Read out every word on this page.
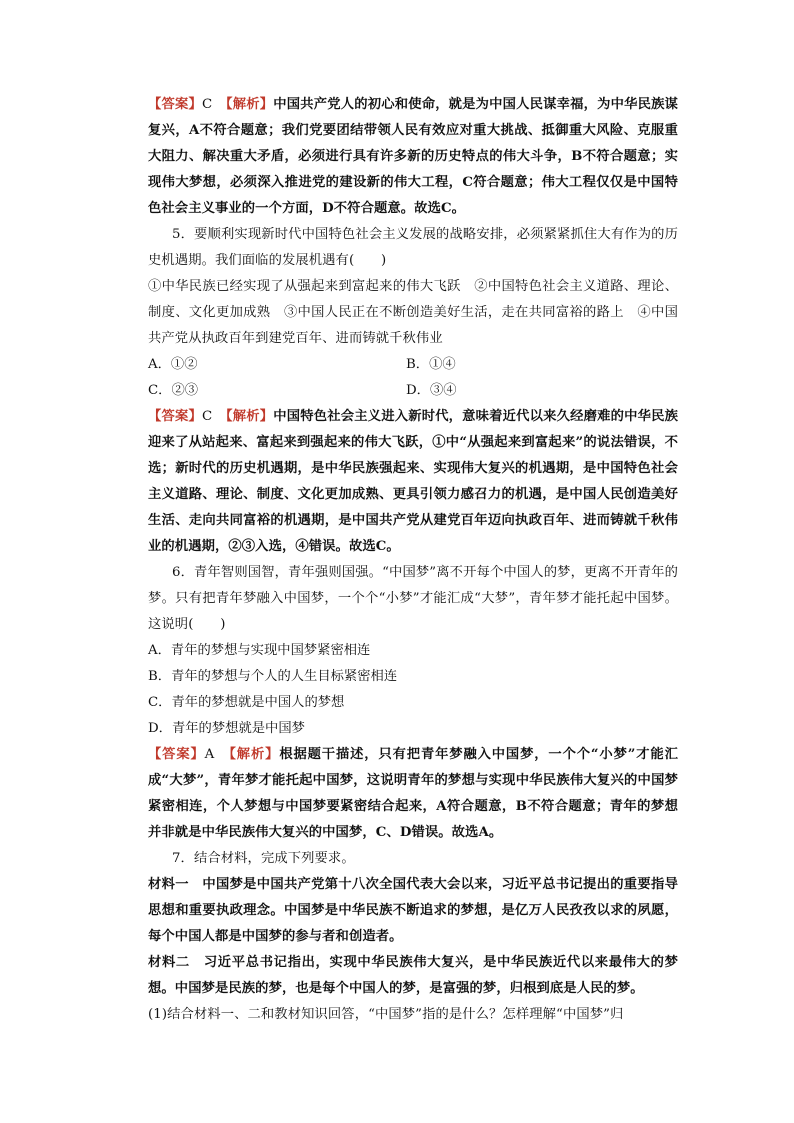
【答案】C　 【解析】中国共产党人的初心和使命，就是为中国人民谋幸福，为中华民族谋复兴，A不符合题意；我们党要团结带领人民有效应对重大挑战、抵御重大风险、克服重大阻力、解决重大矛盾，必须进行具有许多新的历史特点的伟大斗争，B不符合题意；实现伟大梦想，必须深入推进党的建设新的伟大工程，C符合题意；伟大工程仅仅是中国特色社会主义事业的一个方面，D不符合题意。故选C。

5．要顺利实现新时代中国特色社会主义发展的战略安排，必须紧紧抓住大有作为的历史机遇期。我们面临的发展机遇有(　　)

①中华民族已经实现了从强起来到富起来的伟大飞跃　②中国特色社会主义道路、理论、制度、文化更加成熟　③中国人民正在不断创造美好生活，走在共同富裕的路上　④中国共产党从执政百年到建党百年、进而铸就千秋伟业

A．①②	B．①④
C．②③	D．③④

【答案】C　 【解析】中国特色社会主义进入新时代，意味着近代以来久经磨难的中华民族迎来了从站起来、富起来到强起来的伟大飞跃，①中“从强起来到富起来”的说法错误，不选；新时代的历史机遇期，是中华民族强起来、实现伟大复兴的机遇期，是中国特色社会主义道路、理论、制度、文化更加成熟、更具引领力感召力的机遇，是中国人民创造美好生活、走向共同富裕的机遇期，是中国共产党从建党百年迈向执政百年、进而铸就千秋伟业的机遇期，②③入选，④错误。故选C。

6．青年智则国智，青年强则国强。“中国梦”离不开每个中国人的梦，更离不开青年的梦。只有把青年梦融入中国梦，一个个“小梦”才能汇成“大梦”，青年梦才能托起中国梦。这说明(　　)

A．青年的梦想与实现中国梦紧密相连

B．青年的梦想与个人的人生目标紧密相连

C．青年的梦想就是中国人的梦想

D．青年的梦想就是中国梦

【答案】A　 【解析】根据题干描述，只有把青年梦融入中国梦，一个个“小梦”才能汇成“大梦”，青年梦才能托起中国梦，这说明青年的梦想与实现中华民族伟大复兴的中国梦紧密相连，个人梦想与中国梦要紧密结合起来，A符合题意，B不符合题意；青年的梦想并非就是中华民族伟大复兴的中国梦，C、D错误。故选A。

7．结合材料，完成下列要求。

材料一　中国梦是中国共产党第十八次全国代表大会以来，习近平总书记提出的重要指导思想和重要执政理念。中国梦是中华民族不断追求的梦想，是亿万人民孜孜以求的夙愿，每个中国人都是中国梦的参与者和创造者。

材料二　习近平总书记指出，实现中华民族伟大复兴，是中华民族近代以来最伟大的梦想。中国梦是民族的梦，也是每个中国人的梦，是富强的梦，归根到底是人民的梦。

(1)结合材料一、二和教材知识回答，“中国梦”指的是什么？怎样理解“中国梦”归
